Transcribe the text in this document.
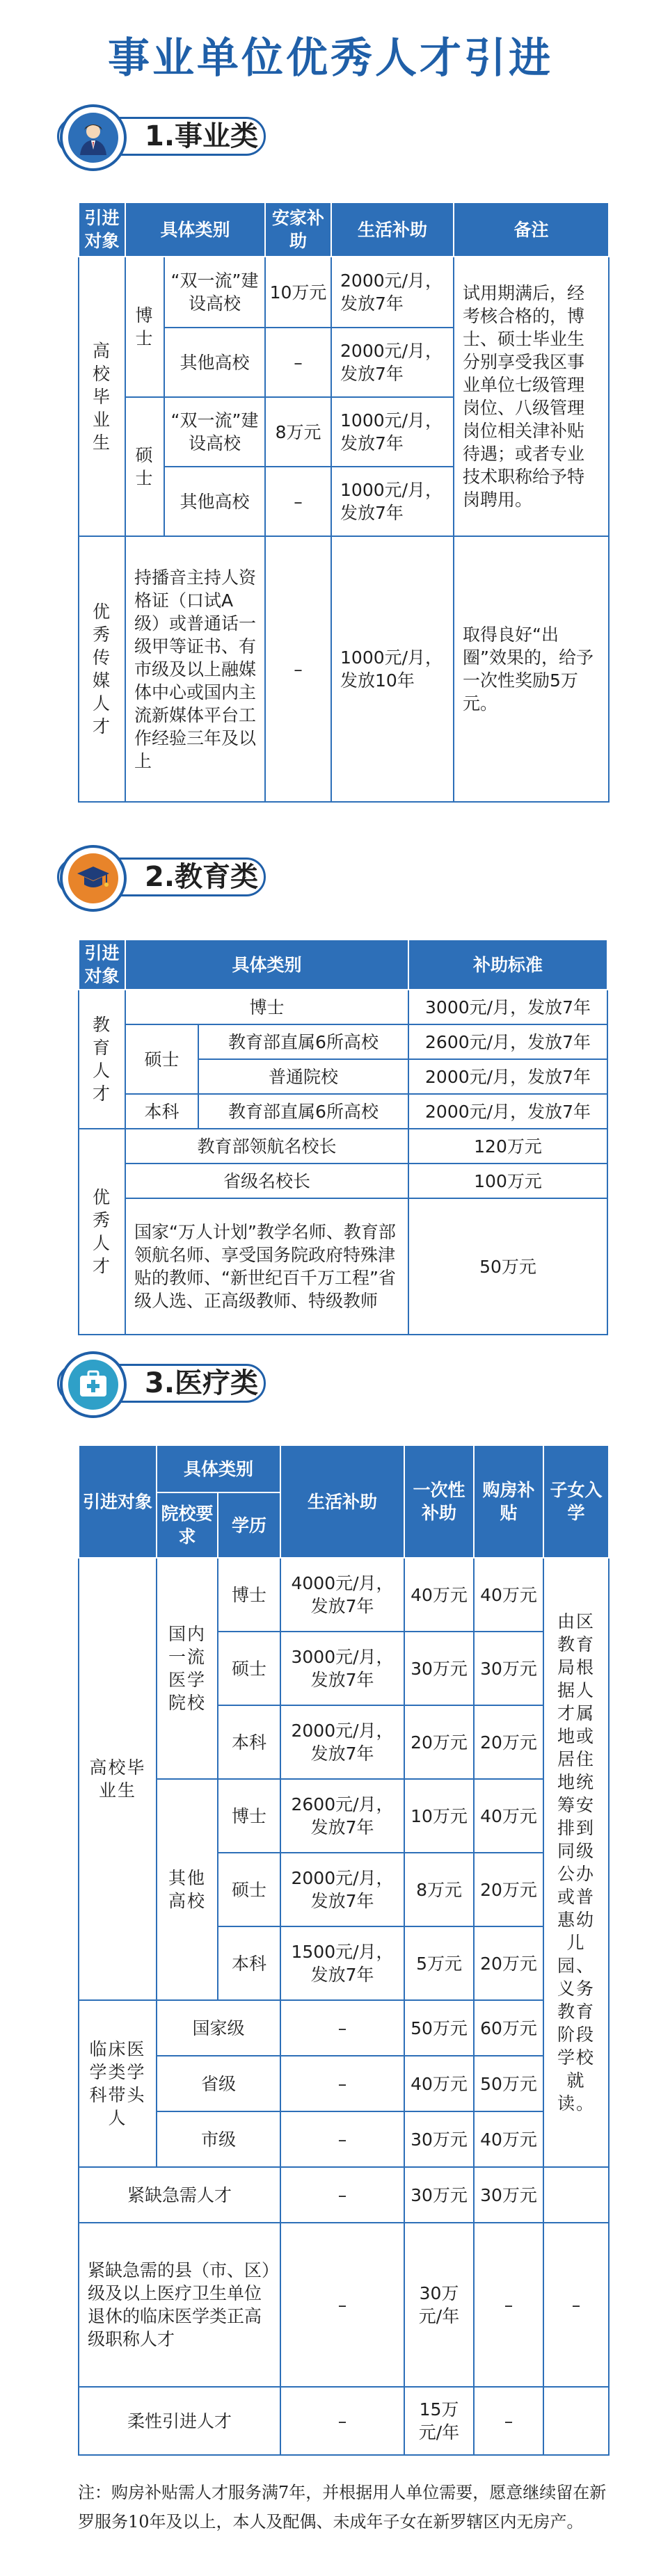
事业单位优秀人才引进
1.事业类
引进对象	具体类别		安家补助	生活补助	备注
高校毕业生	博士	“双一流”建设高校	10万元	2000元/月，发放7年	试用期满后，经考核合格的，博士、硕士毕业生分别享受我区事业单位七级管理岗位、八级管理岗位相关津补贴待遇；或者专业技术职称给予特岗聘用。
		其他高校	–	2000元/月，发放7年	
	硕士	“双一流”建设高校	8万元	1000元/月，发放7年	
		其他高校	–	1000元/月，发放7年	
优秀传媒人才	持播音主持人资格证（口试A级）或普通话一级甲等证书、有市级及以上融媒体中心或国内主流新媒体平台工作经验三年及以上		–	1000元/月，发放10年	取得良好“出圈”效果的，给予一次性奖励5万元。
2.教育类
引进对象	具体类别		补助标准
教育人才	博士		3000元/月，发放7年
	硕士	教育部直属6所高校	2600元/月，发放7年
		普通院校	2000元/月，发放7年
	本科	教育部直属6所高校	2000元/月，发放7年
优秀人才	教育部领航名校长		120万元
	省级名校长		100万元
	国家“万人计划”教学名师、教育部领航名师、享受国务院政府特殊津贴的教师、“新世纪百千万工程”省级人选、正高级教师、特级教师		50万元
3.医疗类
引进对象	具体类别		生活补助	一次性补助	购房补贴	子女入学
	院校要求	学历				
高校毕业生	国内一流医学院校	博士	4000元/月，发放7年	40万元	40万元	由区教育局根据人才属地或居住地统筹安排到同级公办或普惠幼儿园、义务教育阶段学校就读。
		硕士	3000元/月，发放7年	30万元	30万元	
		本科	2000元/月，发放7年	20万元	20万元	
	其他高校	博士	2600元/月，发放7年	10万元	40万元	
		硕士	2000元/月，发放7年	8万元	20万元	
		本科	1500元/月，发放7年	5万元	20万元	
临床医学类学科带头人	国家级		–	50万元	60万元	
	省级		–	40万元	50万元	
	市级		–	30万元	40万元	
紧缺急需人才			–	30万元	30万元	
紧缺急需的县（市、区）级及以上医疗卫生单位退休的临床医学类正高级职称人才			–	30万元/年	–	–
柔性引进人才			–	15万元/年	–	
注：购房补贴需人才服务满7年，并根据用人单位需要，愿意继续留在新罗服务10年及以上，本人及配偶、未成年子女在新罗辖区内无房产。
